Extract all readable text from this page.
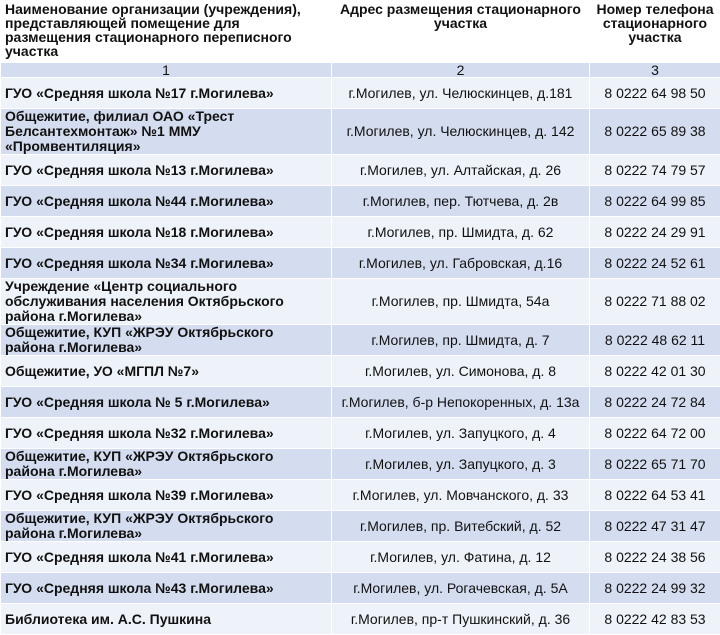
Наименование организации (учреждения), представляющей помещение для размещения стационарного переписного участка	Адрес размещения стационарного участка	Номер телефона стационарного участка
1	2	3
ГУО «Средняя школа №17 г.Могилева»	г.Могилев, ул. Челюскинцев, д.181	8 0222 64 98 50
Общежитие, филиал ОАО «Трест Белсантехмонтаж» №1 ММУ «Промвентиляция»	г.Могилев, ул. Челюскинцев, д. 142	8 0222 65 89 38
ГУО «Средняя школа №13 г.Могилева»	г.Могилев, ул. Алтайская, д. 26	8 0222 74 79 57
ГУО «Средняя школа №44 г.Могилева»	г.Могилев, пер. Тютчева, д. 2в	8 0222 64 99 85
ГУО «Средняя школа №18 г.Могилева»	г.Могилев, пр. Шмидта, д. 62	8 0222 24 29 91
ГУО «Средняя школа №34 г.Могилева»	г.Могилев, ул. Габровская, д.16	8 0222 24 52 61
Учреждение «Центр социального обслуживания населения Октябрьского района г.Могилева»	г.Могилев, пр. Шмидта, 54а	8 0222 71 88 02
Общежитие, КУП «ЖРЭУ Октябрьского района г.Могилева»	г.Могилев, пр. Шмидта, д. 7	8 0222 48 62 11
Общежитие, УО «МГПЛ №7»	г.Могилев, ул. Симонова, д. 8	8 0222 42 01 30
ГУО «Средняя школа № 5 г.Могилева»	г.Могилев, б-р Непокоренных, д. 13а	8 0222 24 72 84
ГУО «Средняя школа №32 г.Могилева»	г.Могилев, ул. Запуцкого, д. 4	8 0222 64 72 00
Общежитие, КУП «ЖРЭУ Октябрьского района г.Могилева»	г.Могилев, ул. Запуцкого, д. 3	8 0222 65 71 70
ГУО «Средняя школа №39 г.Могилева»	г.Могилев, ул. Мовчанского, д. 33	8 0222 64 53 41
Общежитие, КУП «ЖРЭУ Октябрьского района г.Могилева»	г.Могилев, пр. Витебский, д. 52	8 0222 47 31 47
ГУО «Средняя школа №41 г.Могилева»	г.Могилев, ул. Фатина, д. 12	8 0222 24 38 56
ГУО «Средняя школа №43 г.Могилева»	г.Могилев, ул. Рогачевская, д. 5А	8 0222 24 99 32
Библиотека им. А.С. Пушкина	г.Могилев, пр-т Пушкинский, д. 36	8 0222 42 83 53
